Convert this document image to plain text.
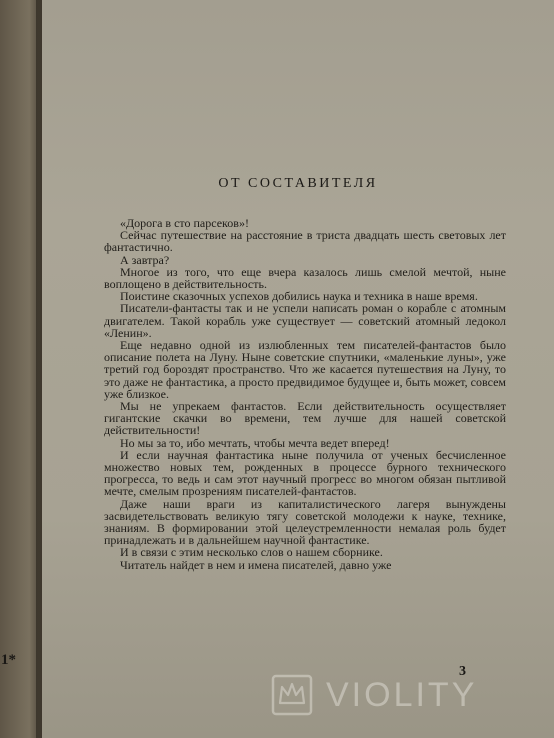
ОТ СОСТАВИТЕЛЯ

«Дорога в сто парсеков»!

Сейчас путешествие на расстояние в триста двадцать шесть световых лет фантастично.

А завтра?

Многое из того, что еще вчера казалось лишь смелой мечтой, ныне воплощено в действительность.

Поистине сказочных успехов добились наука и техника в наше время.

Писатели-фантасты так и не успели написать роман о корабле с атомным двигателем. Такой корабль уже существует — советский атомный ледокол «Ленин».

Еще недавно одной из излюбленных тем писателей-фантастов было описание полета на Луну. Ныне советские спутники, «маленькие луны», уже третий год бороздят пространство. Что же касается путешествия на Луну, то это даже не фантастика, а просто предвидимое будущее и, быть может, совсем уже близкое.

Мы не упрекаем фантастов. Если действительность осуществляет гигантские скачки во времени, тем лучше для нашей советской действительности!

Но мы за то, ибо мечтать, чтобы мечта ведет вперед!

И если научная фантастика ныне получила от ученых бесчисленное множество новых тем, рожденных в процессе бурного технического прогресса, то ведь и сам этот научный прогресс во многом обязан пытливой мечте, смелым прозрениям писателей-фантастов.

Даже наши враги из капиталистического лагеря вынуждены засвидетельствовать великую тягу советской молодежи к науке, технике, знаниям. В формировании этой целеустремленности немалая роль будет принадлежать и в дальнейшем научной фантастике.

И в связи с этим несколько слов о нашем сборнике.

Читатель найдет в нем и имена писателей, давно уже

3
1*
VIOLITY
